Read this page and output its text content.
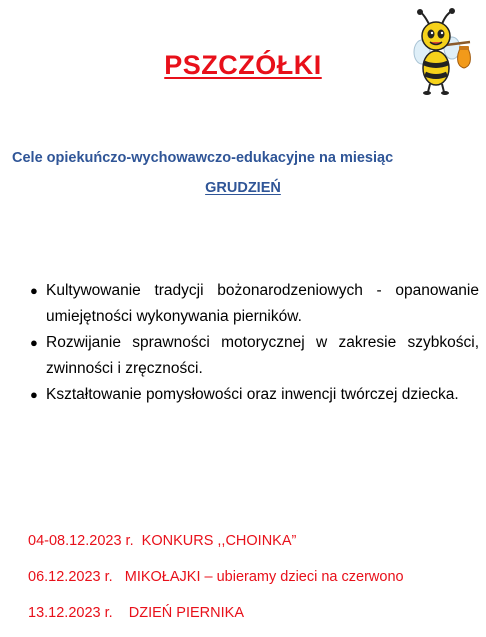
PSZCZÓŁKI
Cele opiekuńczo-wychowawczo-edukacyjne na miesiąc
GRUDZIEŃ
● Kultywowanie tradycji bożonarodzeniowych - opanowanie umiejętności wykonywania pierników.
● Rozwijanie sprawności motorycznej w zakresie szybkości, zwinności i zręczności.
● Kształtowanie pomysłowości oraz inwencji twórczej dziecka.
04-08.12.2023 r.  KONKURS ,,CHOINKA”
06.12.2023 r.   MIKOŁAJKI – ubieramy dzieci na czerwono
13.12.2023 r.    DZIEŃ PIERNIKA
